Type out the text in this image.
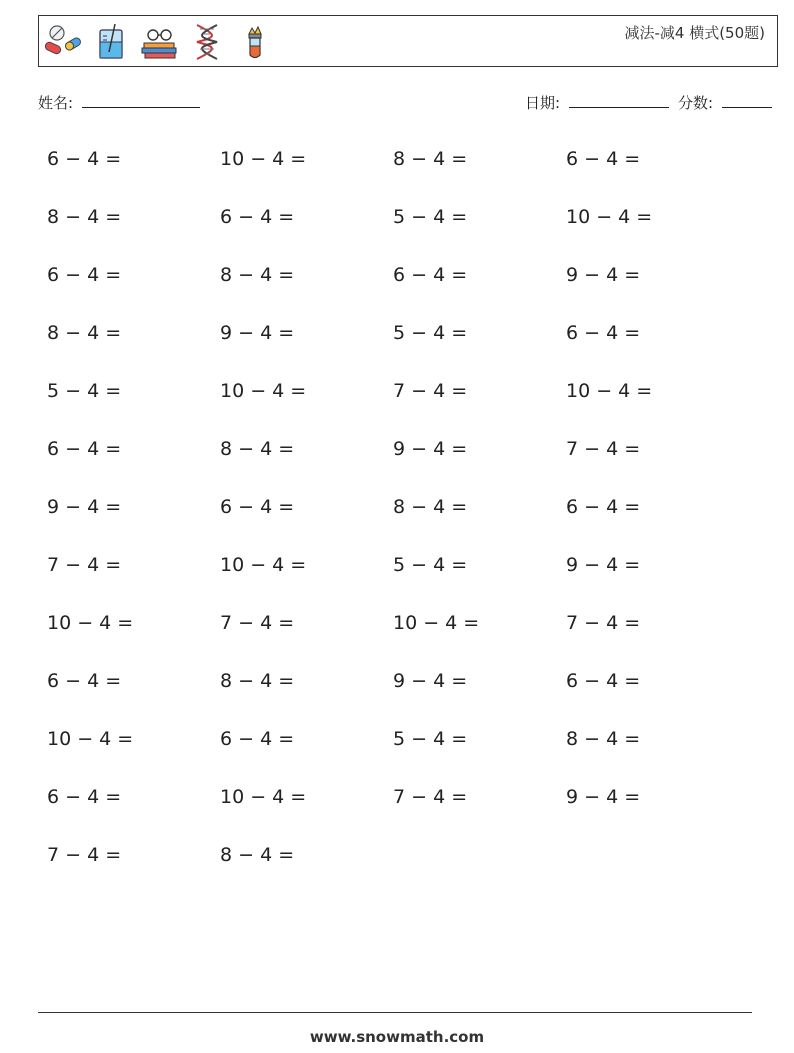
减法-减4 横式(50题)
姓名:	日期:	分数:
6 − 4 =	10 − 4 =	8 − 4 =	6 − 4 =
8 − 4 =	6 − 4 =	5 − 4 =	10 − 4 =
6 − 4 =	8 − 4 =	6 − 4 =	9 − 4 =
8 − 4 =	9 − 4 =	5 − 4 =	6 − 4 =
5 − 4 =	10 − 4 =	7 − 4 =	10 − 4 =
6 − 4 =	8 − 4 =	9 − 4 =	7 − 4 =
9 − 4 =	6 − 4 =	8 − 4 =	6 − 4 =
7 − 4 =	10 − 4 =	5 − 4 =	9 − 4 =
10 − 4 =	7 − 4 =	10 − 4 =	7 − 4 =
6 − 4 =	8 − 4 =	9 − 4 =	6 − 4 =
10 − 4 =	6 − 4 =	5 − 4 =	8 − 4 =
6 − 4 =	10 − 4 =	7 − 4 =	9 − 4 =
7 − 4 =	8 − 4 =
www.snowmath.com
